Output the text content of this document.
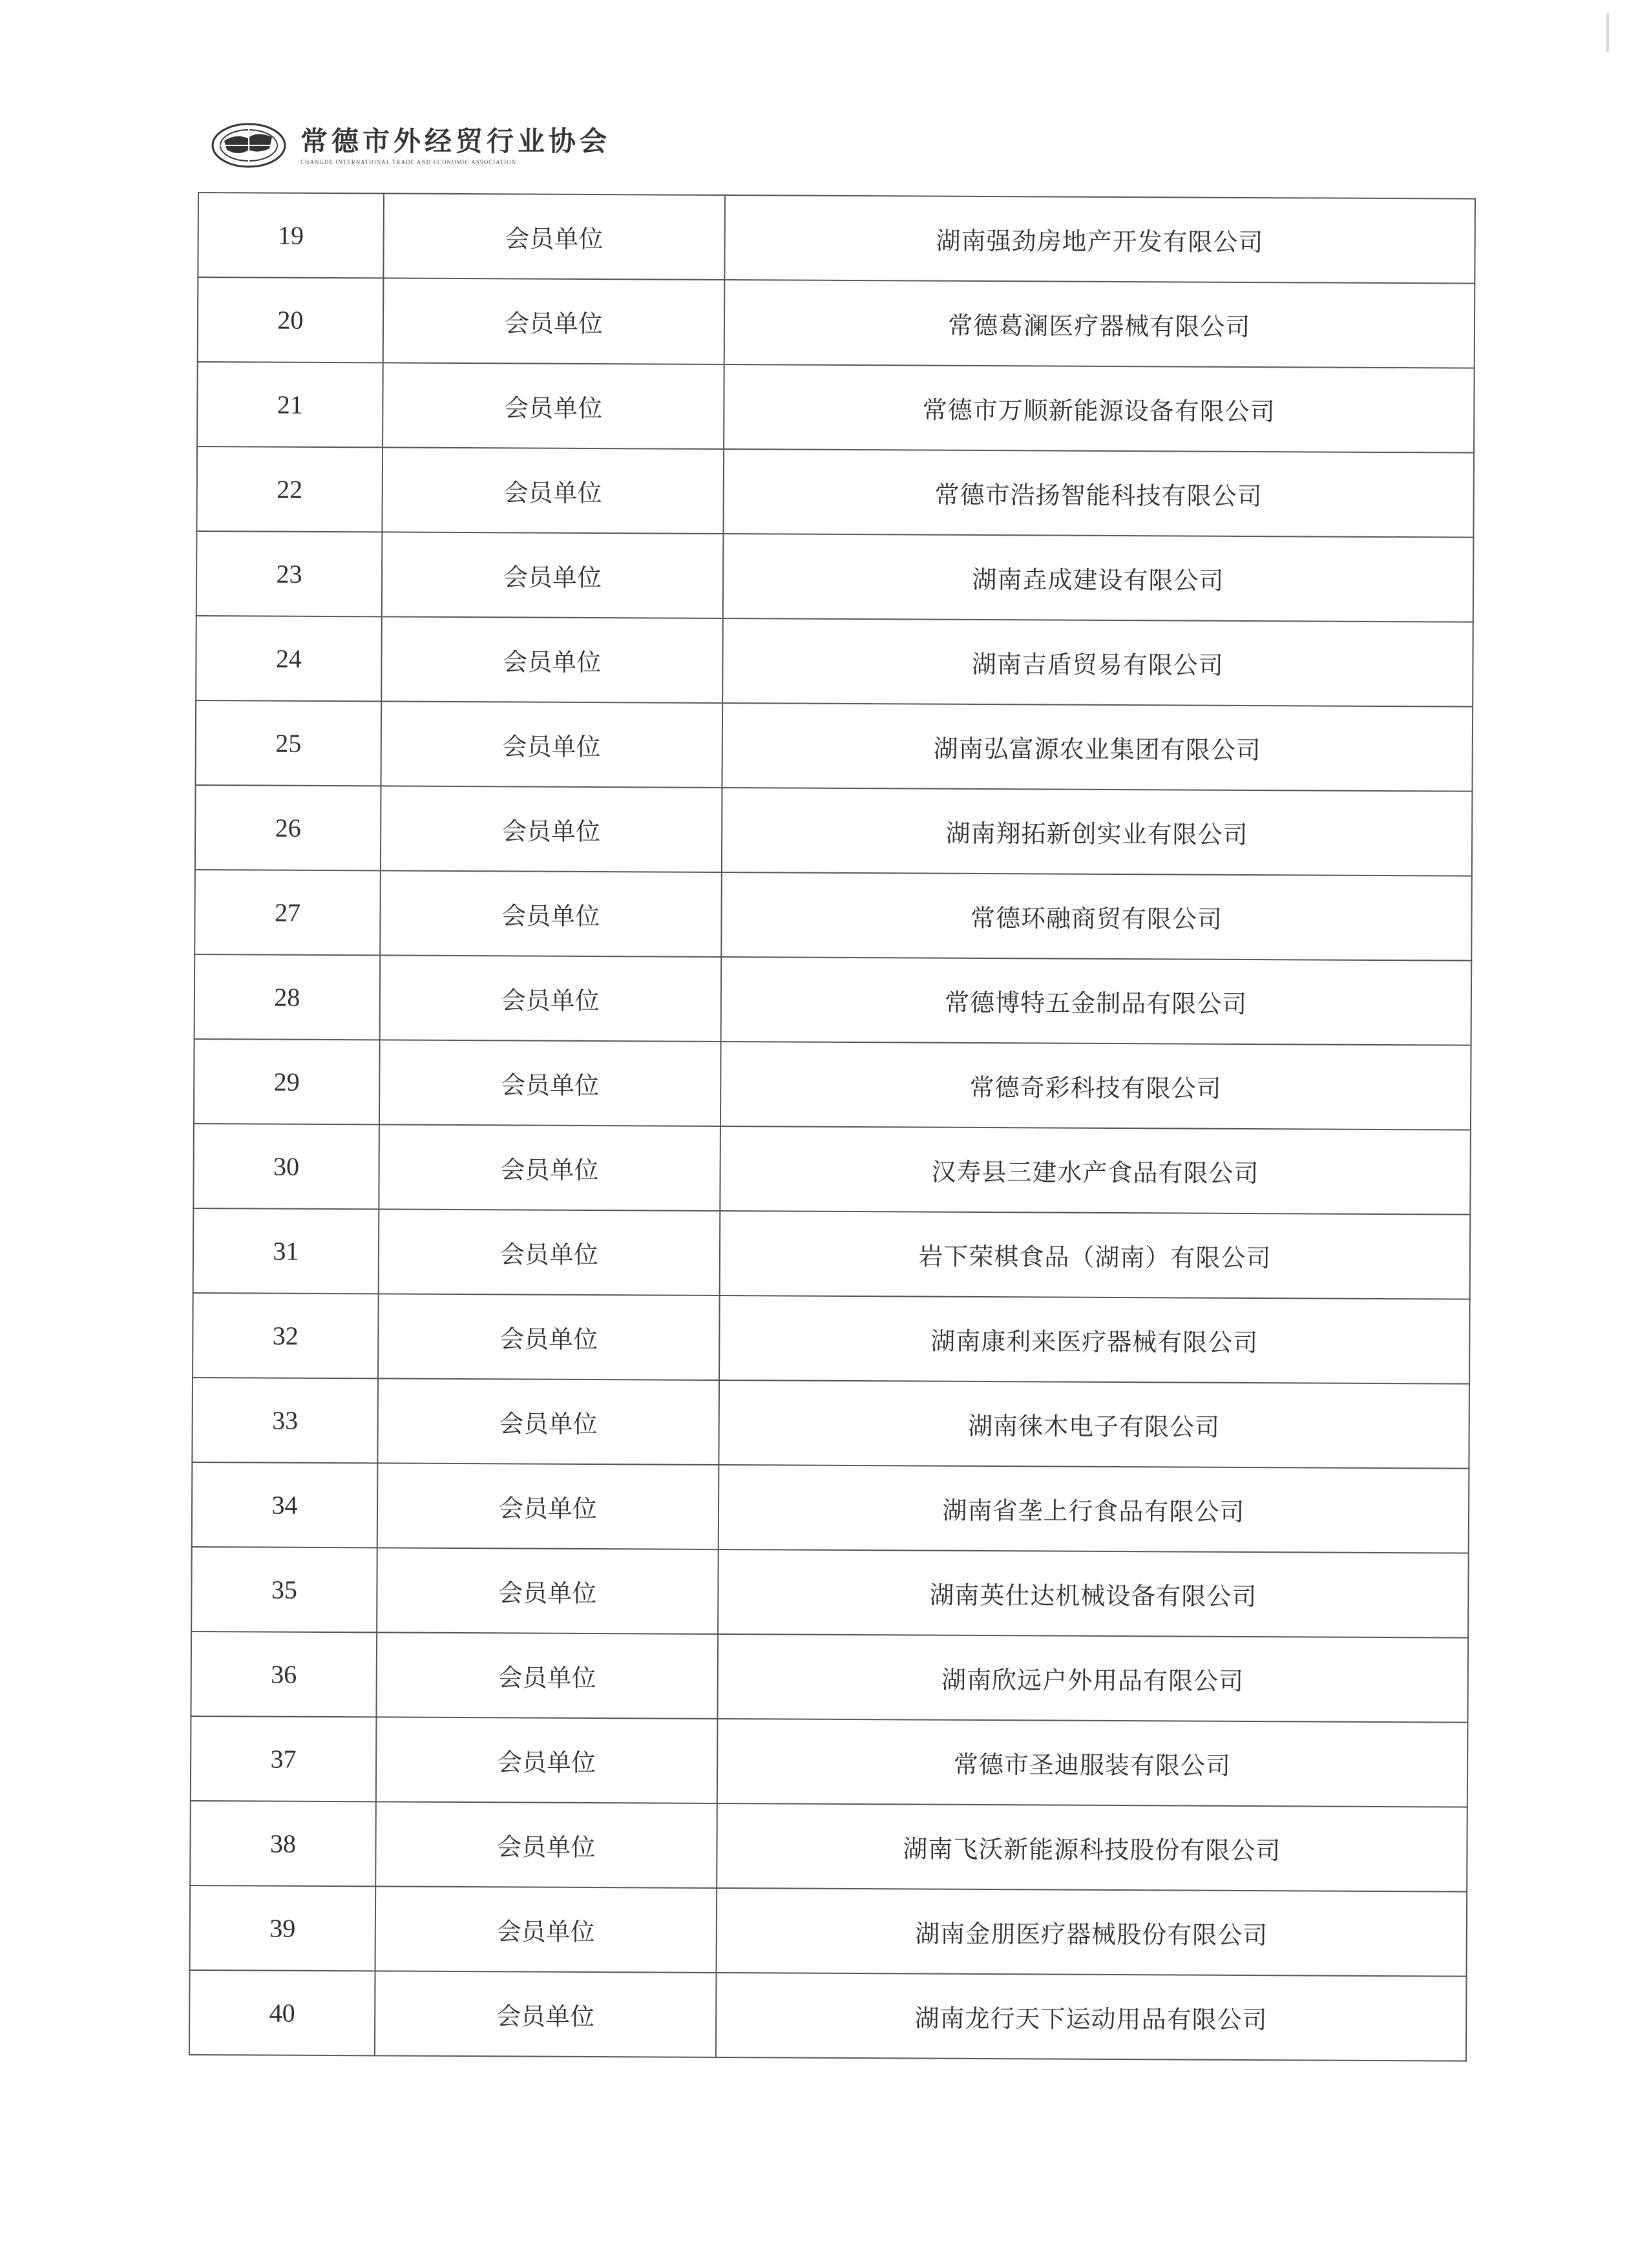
常德市外经贸行业协会
CHANGDE INTERNATIONAL TRADE AND ECONOMIC ASSOCIATION
19	会员单位	湖南强劲房地产开发有限公司
20	会员单位	常德葛澜医疗器械有限公司
21	会员单位	常德市万顺新能源设备有限公司
22	会员单位	常德市浩扬智能科技有限公司
23	会员单位	湖南垚成建设有限公司
24	会员单位	湖南吉盾贸易有限公司
25	会员单位	湖南弘富源农业集团有限公司
26	会员单位	湖南翔拓新创实业有限公司
27	会员单位	常德环融商贸有限公司
28	会员单位	常德博特五金制品有限公司
29	会员单位	常德奇彩科技有限公司
30	会员单位	汉寿县三建水产食品有限公司
31	会员单位	岩下荣棋食品（湖南）有限公司
32	会员单位	湖南康利来医疗器械有限公司
33	会员单位	湖南徕木电子有限公司
34	会员单位	湖南省垄上行食品有限公司
35	会员单位	湖南英仕达机械设备有限公司
36	会员单位	湖南欣远户外用品有限公司
37	会员单位	常德市圣迪服装有限公司
38	会员单位	湖南飞沃新能源科技股份有限公司
39	会员单位	湖南金朋医疗器械股份有限公司
40	会员单位	湖南龙行天下运动用品有限公司
